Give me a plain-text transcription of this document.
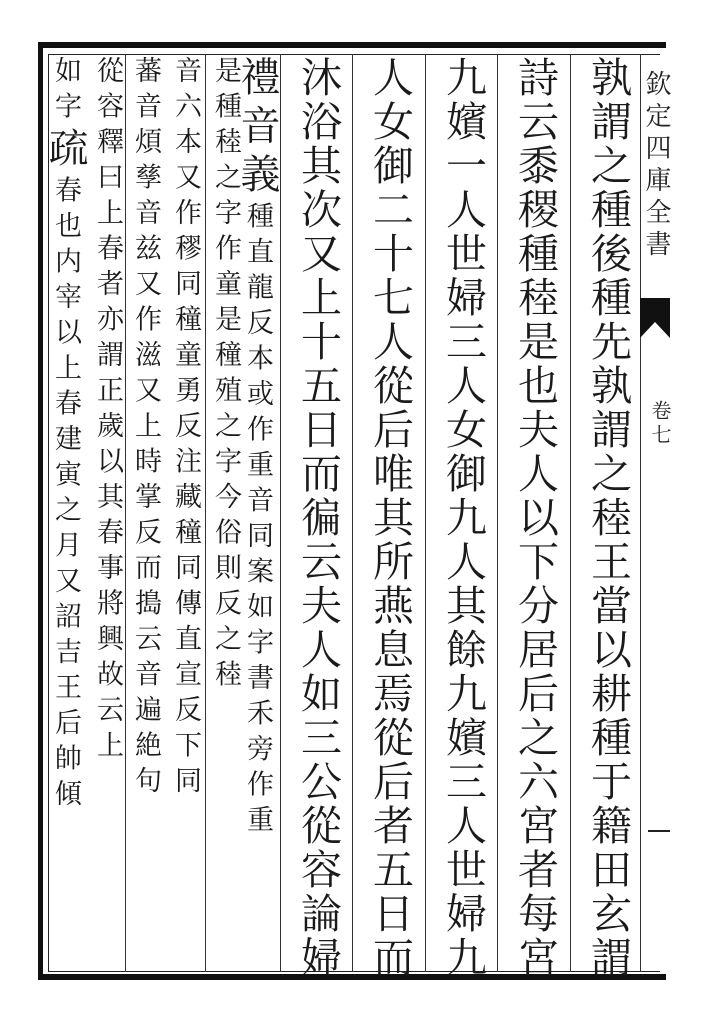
欽定四庫全書
卷七
孰謂之種後種先孰謂之稑王當以耕種于籍田玄謂
詩云黍稷種稑是也夫人以下分居后之六宮者每宮
九嬪一人世婦三人女御九人其餘九嬪三人世婦九
人女御二十七人從后唯其所燕息焉從后者五日而
沐浴其次又上十五日而徧云夫人如三公從容論婦
禮音義種直龍反本或作重音同案如字書禾旁作重
是種稑之字作童是穜殖之字今俗則反之稑
音六本又作穋同穜童勇反注藏穜同傳直宣反下同
蕃音煩孳音兹又作滋又上時掌反而搗云音遍絶句
從容釋曰上春者亦謂正歲以其春事將興故云上
如字疏春也内宰以上春建寅之月又詔吉王后帥傾
